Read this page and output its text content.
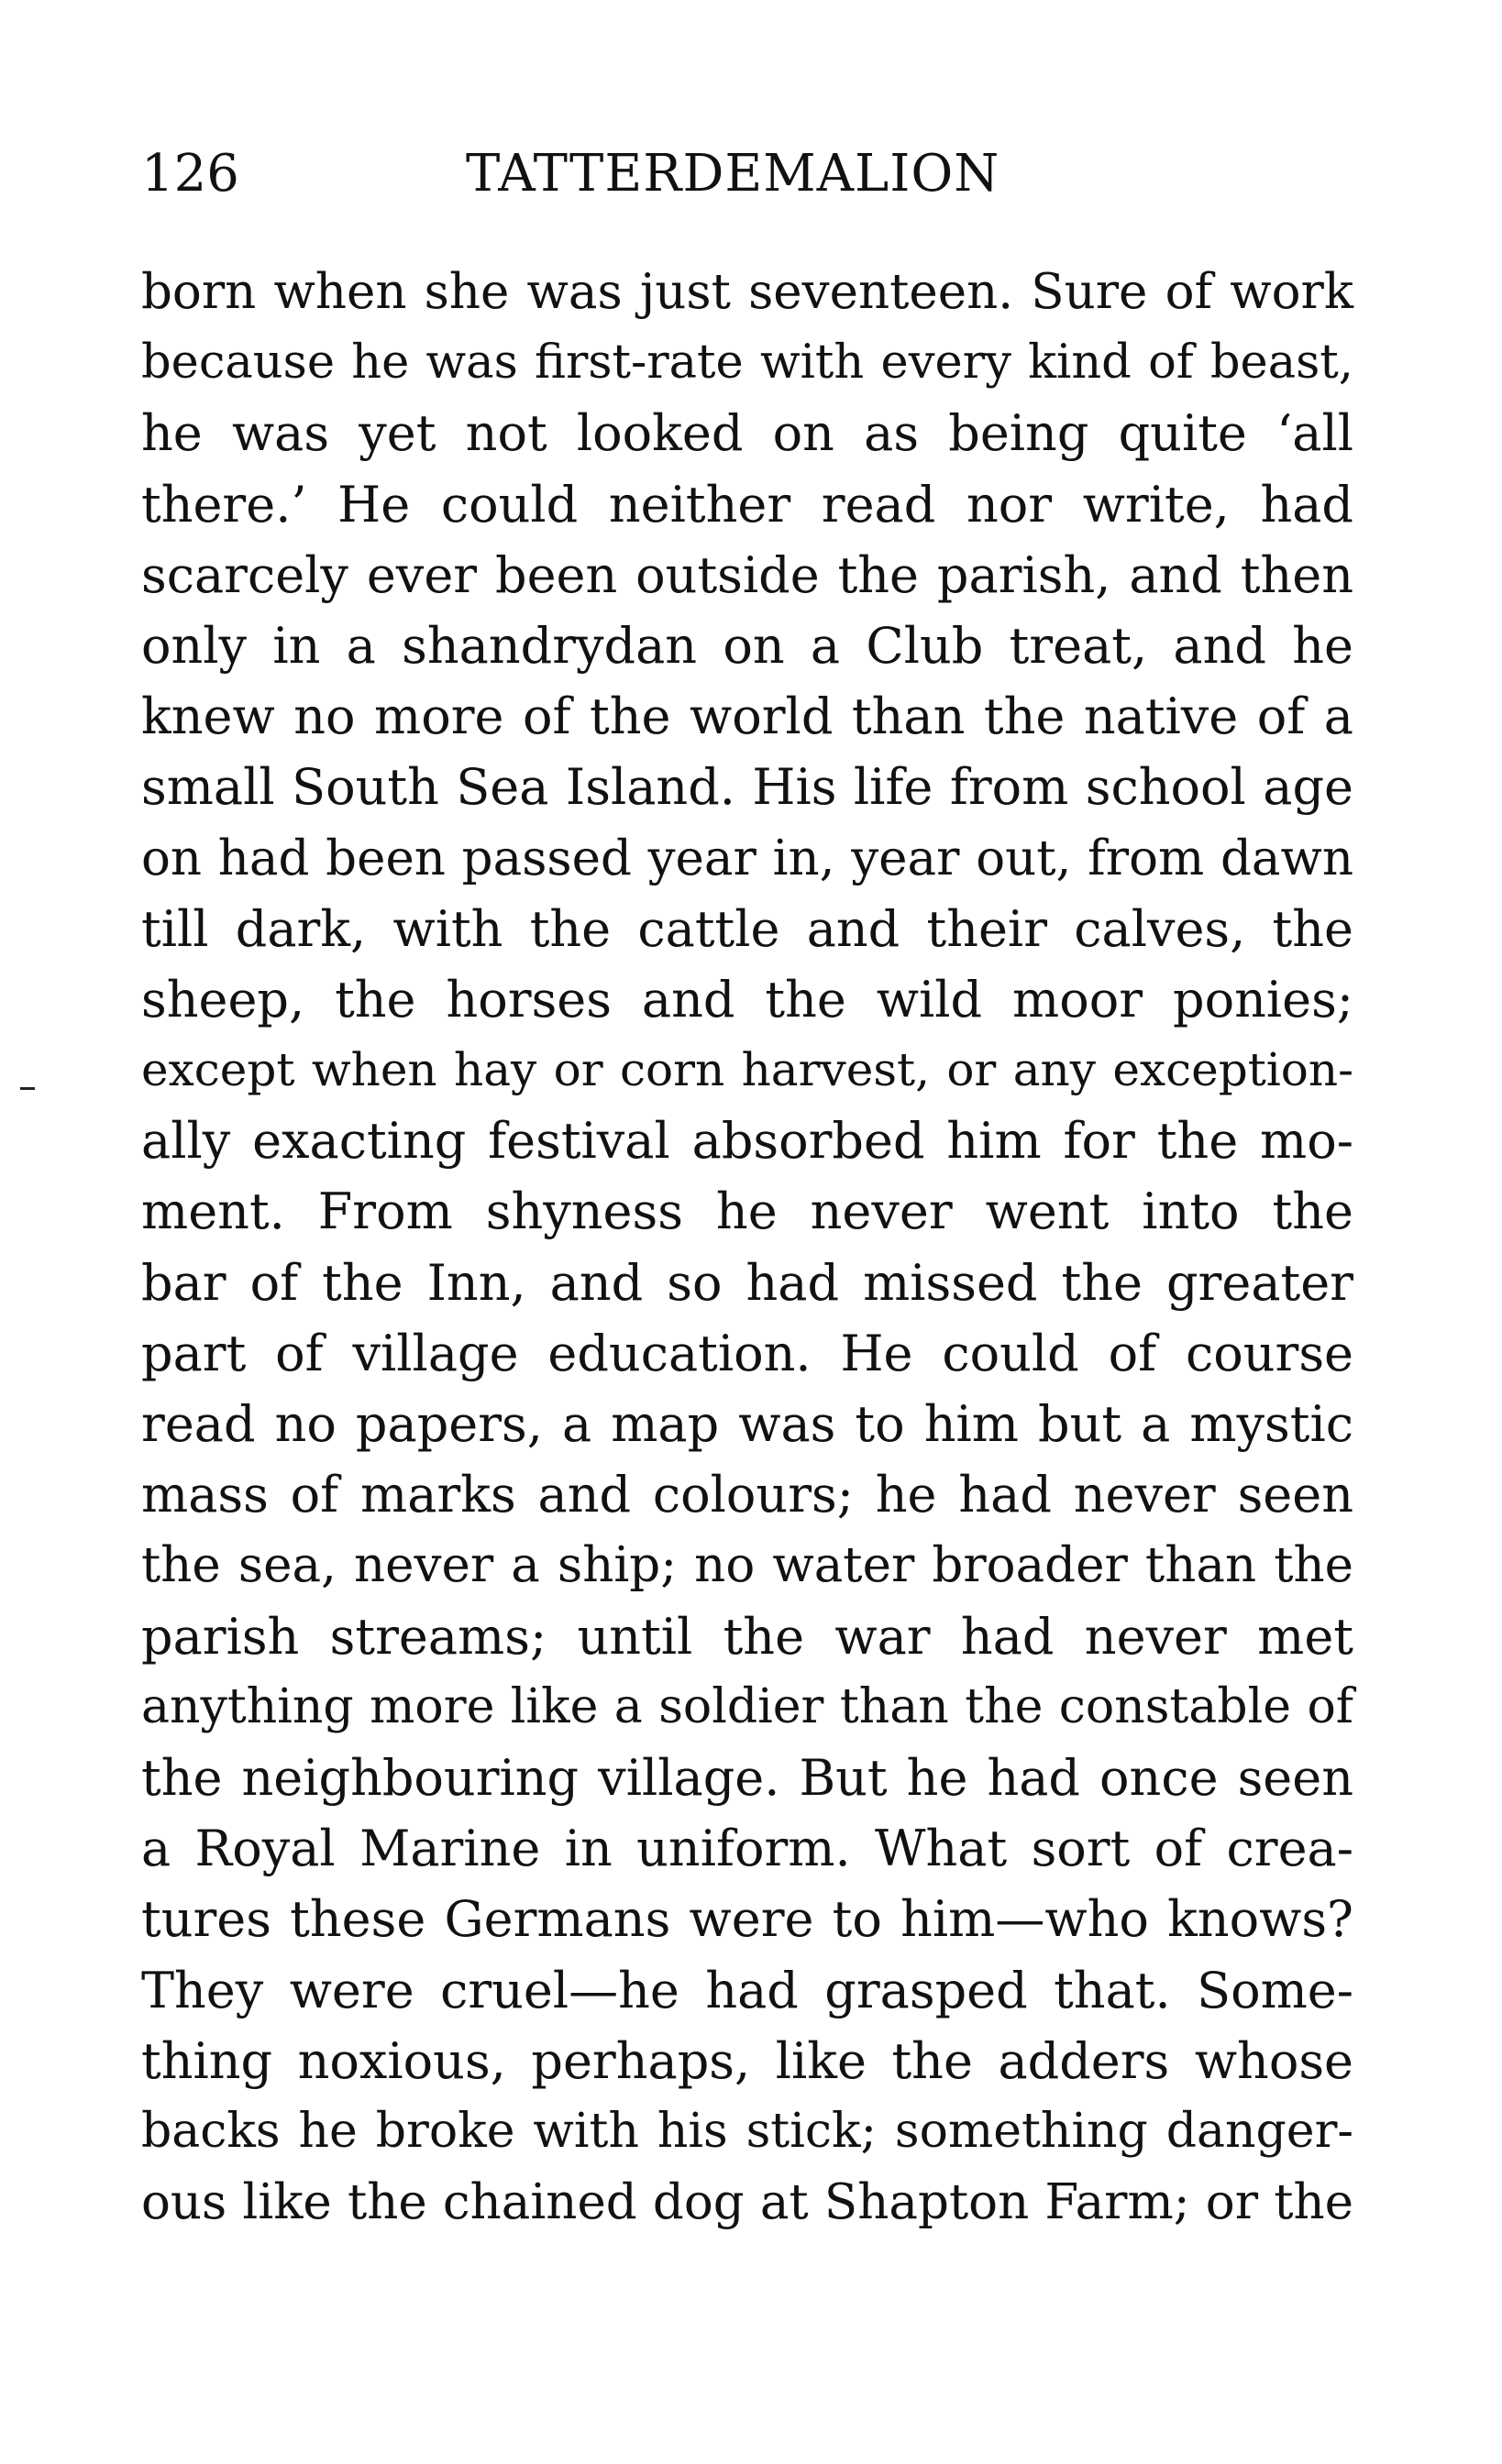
126	TATTERDEMALION
born when she was just seventeen. Sure of work
because he was first-rate with every kind of beast,
he was yet not looked on as being quite ‘all
there.’ He could neither read nor write, had
scarcely ever been outside the parish, and then
only in a shandrydan on a Club treat, and he
knew no more of the world than the native of a
small South Sea Island. His life from school age
on had been passed year in, year out, from dawn
till dark, with the cattle and their calves, the
sheep, the horses and the wild moor ponies;
except when hay or corn harvest, or any exception-
ally exacting festival absorbed him for the mo-
ment. From shyness he never went into the
bar of the Inn, and so had missed the greater
part of village education. He could of course
read no papers, a map was to him but a mystic
mass of marks and colours; he had never seen
the sea, never a ship; no water broader than the
parish streams; until the war had never met
anything more like a soldier than the constable of
the neighbouring village. But he had once seen
a Royal Marine in uniform. What sort of crea-
tures these Germans were to him—who knows?
They were cruel—he had grasped that. Some-
thing noxious, perhaps, like the adders whose
backs he broke with his stick; something danger-
ous like the chained dog at Shapton Farm; or the
